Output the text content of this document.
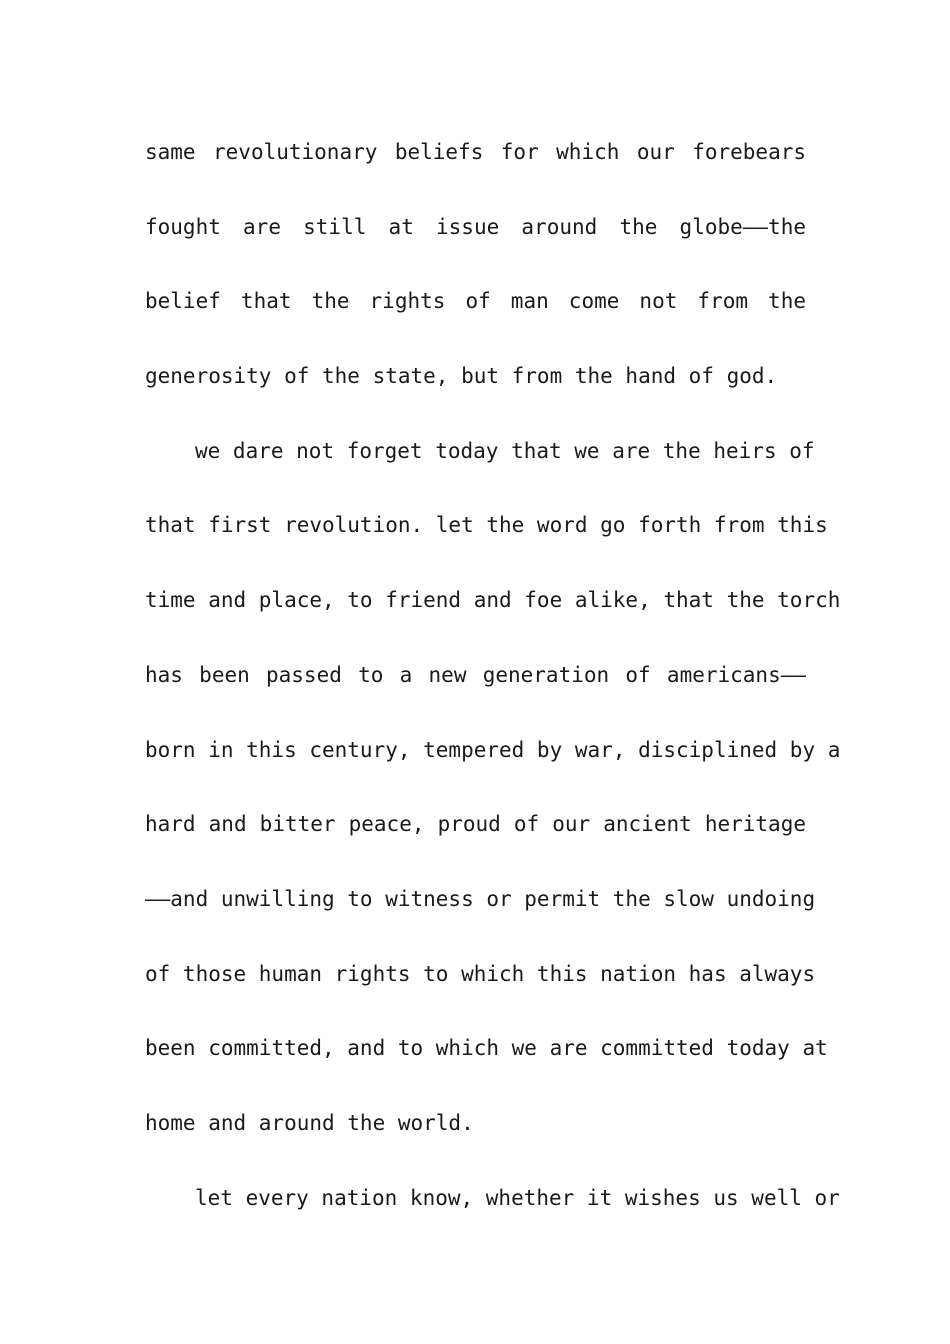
same revolutionary beliefs for which our forebears
fought are still at issue around the globe——the
belief that the rights of man come not from the
generosity of the state, but from the hand of god.
we dare not forget today that we are the heirs of
that first revolution. let the word go forth from this
time and place, to friend and foe alike, that the torch
has been passed to a new generation of americans——
born in this century, tempered by war, disciplined by a
hard and bitter peace, proud of our ancient heritage
——and unwilling to witness or permit the slow undoing
of those human rights to which this nation has always
been committed, and to which we are committed today at
home and around the world.
let every nation know, whether it wishes us well or
